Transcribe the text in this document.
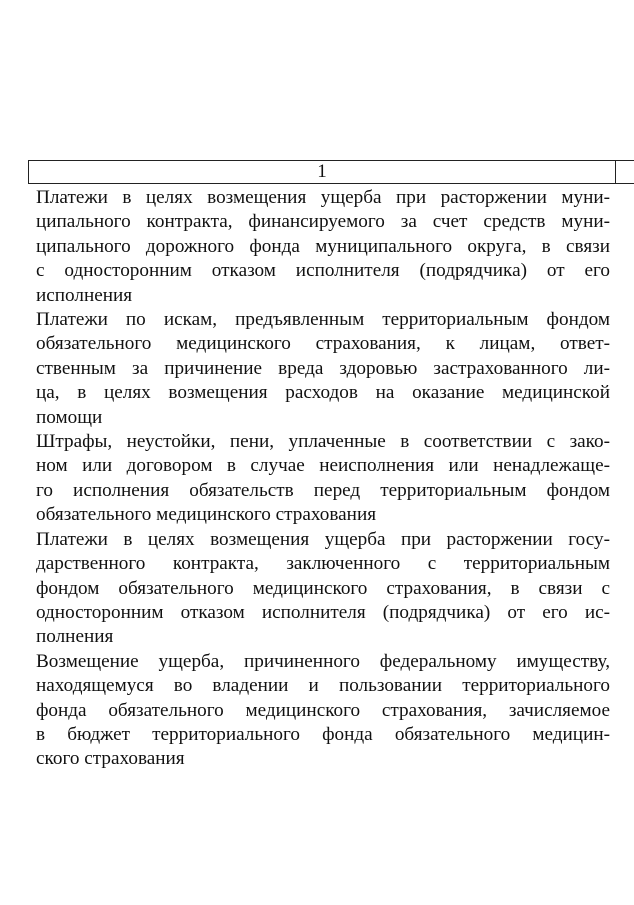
1
Платежи в целях возмещения ущерба при расторжении муни-
ципального контракта, финансируемого за счет средств муни-
ципального дорожного фонда муниципального округа, в связи
с односторонним отказом исполнителя (подрядчика) от его
исполнения
Платежи по искам, предъявленным территориальным фондом
обязательного медицинского страхования, к лицам, ответ-
ственным за причинение вреда здоровью застрахованного ли-
ца, в целях возмещения расходов на оказание медицинской
помощи
Штрафы, неустойки, пени, уплаченные в соответствии с зако-
ном или договором в случае неисполнения или ненадлежаще-
го исполнения обязательств перед территориальным фондом
обязательного медицинского страхования
Платежи в целях возмещения ущерба при расторжении госу-
дарственного контракта, заключенного с территориальным
фондом обязательного медицинского страхования, в связи с
односторонним отказом исполнителя (подрядчика) от его ис-
полнения
Возмещение ущерба, причиненного федеральному имуществу,
находящемуся во владении и пользовании территориального
фонда обязательного медицинского страхования, зачисляемое
в бюджет территориального фонда обязательного медицин-
ского страхования
